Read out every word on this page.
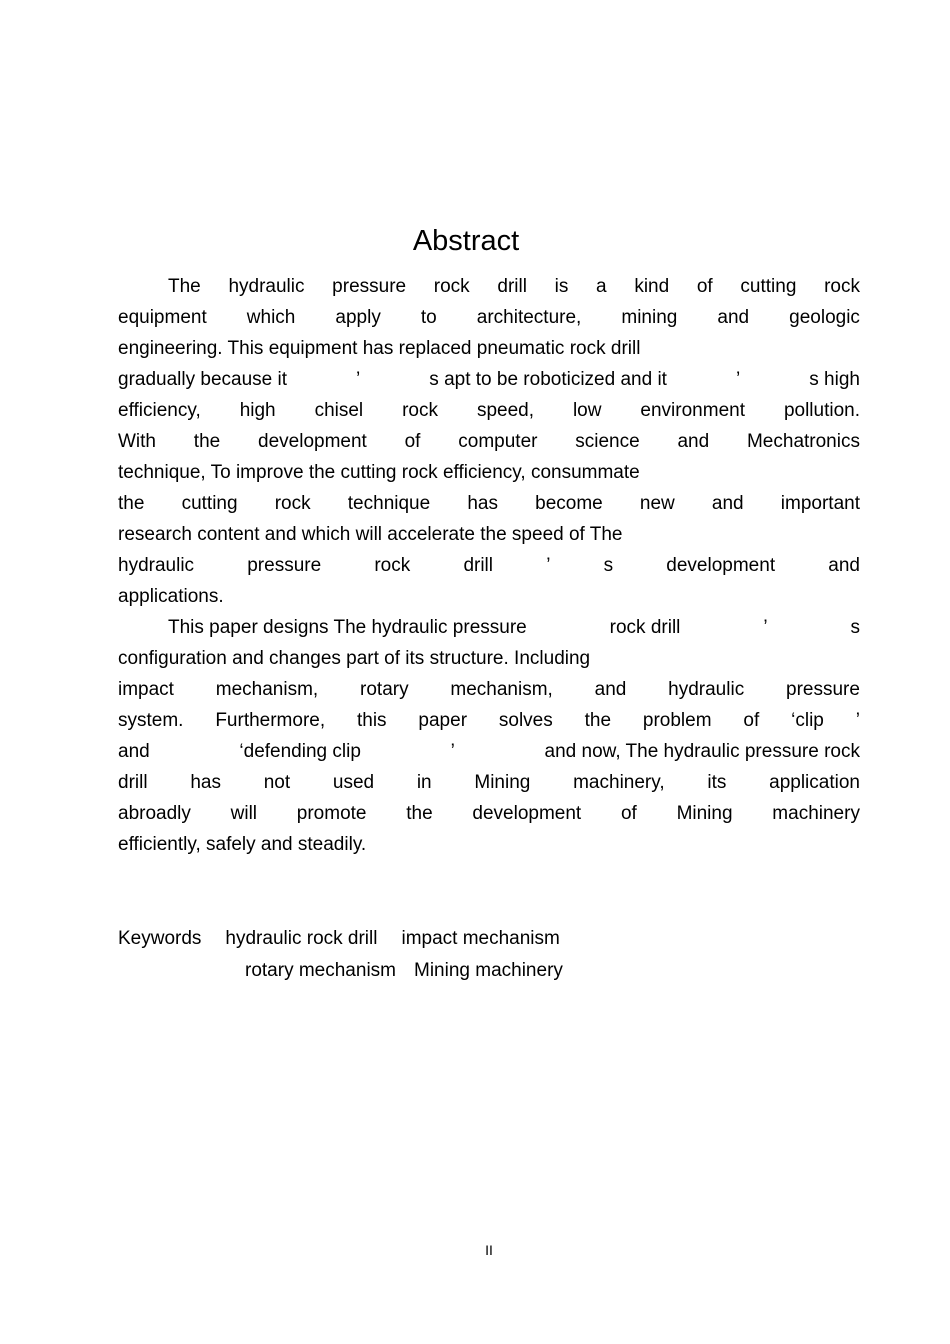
Abstract
The hydraulic pressure rock drill is a kind of cutting rock
equipment which apply to architecture, mining and geologic
engineering. This equipment has replaced pneumatic rock drill
gradually because it	’	s apt to be roboticized and it	’	s high
efficiency, high chisel rock speed, low environment pollution.
With the development of computer science and Mechatronics
technique, To improve the cutting rock efficiency, consummate
the cutting rock technique has become new and important
research content and which will accelerate the speed of The
hydraulic	pressure	rock	drill	’	s	development	and
applications.
This paper designs The hydraulic pressure	rock drill	’	s
configuration and changes part of its structure. Including
impact mechanism, rotary mechanism, and hydraulic pressure
system. Furthermore, this paper solves the problem of ‘clip ’
and	‘defending clip	’	and now, The hydraulic pressure rock
drill has not used in Mining machinery, its application
abroadly will promote the development of Mining machinery
efficiently, safely and steadily.
Keywords hydraulic rock drill impact mechanism
rotary mechanism Mining machinery
II
